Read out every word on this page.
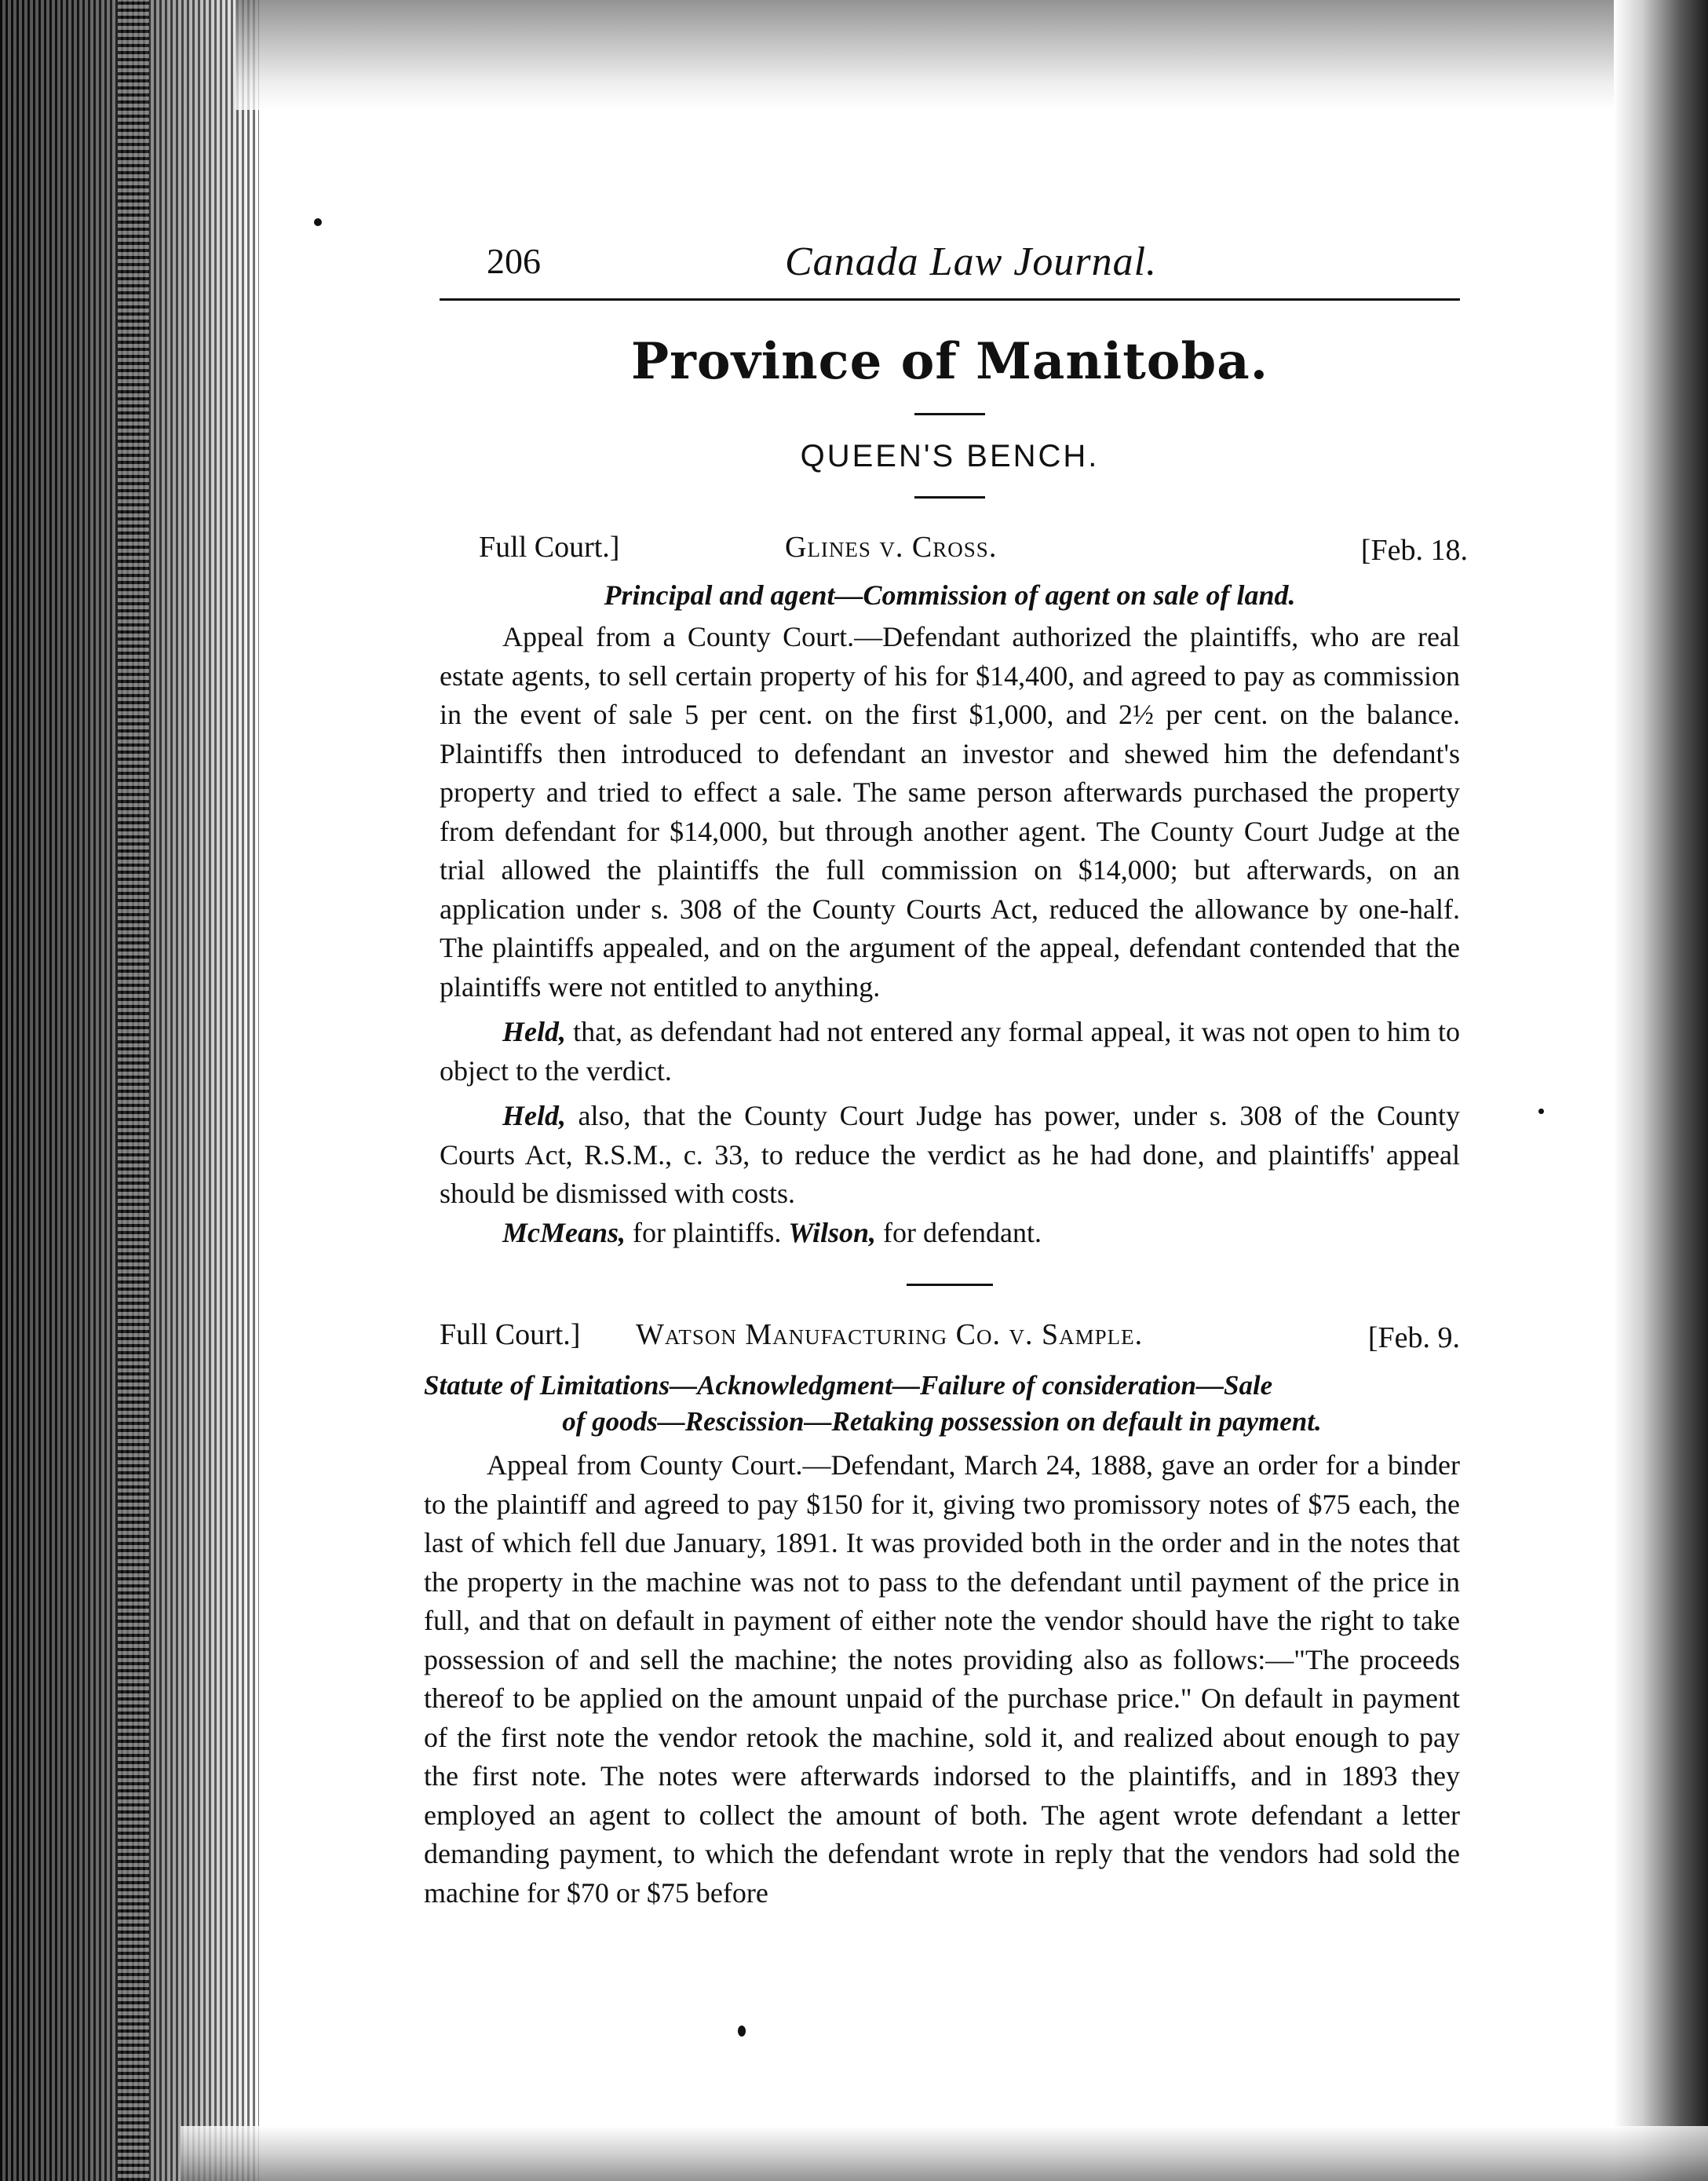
206	Canada Law Journal.
Province of Manitoba.
QUEEN'S BENCH.
Full Court.]	Glines v. Cross.	[Feb. 18.
Principal and agent—Commission of agent on sale of land.

Appeal from a County Court.—Defendant authorized the plaintiffs, who are real estate agents, to sell certain property of his for $14,400, and agreed to pay as commission in the event of sale 5 per cent. on the first $1,000, and 2½ per cent. on the balance. Plaintiffs then introduced to defendant an investor and shewed him the defendant's property and tried to effect a sale. The same person afterwards purchased the property from defendant for $14,000, but through another agent. The County Court Judge at the trial allowed the plaintiffs the full commission on $14,000; but afterwards, on an application under s. 308 of the County Courts Act, reduced the allowance by one-half. The plaintiffs appealed, and on the argument of the appeal, defendant contended that the plaintiffs were not entitled to anything.

Held, that, as defendant had not entered any formal appeal, it was not open to him to object to the verdict.

Held, also, that the County Court Judge has power, under s. 308 of the County Courts Act, R.S.M., c. 33, to reduce the verdict as he had done, and plaintiffs' appeal should be dismissed with costs.

McMeans, for plaintiffs. Wilson, for defendant.

Full Court.] Watson Manufacturing Co. v. Sample.	[Feb. 9.
Statute of Limitations—Acknowledgment—Failure of consideration—Sale
of goods—Rescission—Retaking possession on default in payment.

Appeal from County Court.—Defendant, March 24, 1888, gave an order for a binder to the plaintiff and agreed to pay $150 for it, giving two promissory notes of $75 each, the last of which fell due January, 1891. It was provided both in the order and in the notes that the property in the machine was not to pass to the defendant until payment of the price in full, and that on default in payment of either note the vendor should have the right to take possession of and sell the machine; the notes providing also as follows:—"The proceeds thereof to be applied on the amount unpaid of the purchase price." On default in payment of the first note the vendor retook the machine, sold it, and realized about enough to pay the first note. The notes were afterwards indorsed to the plaintiffs, and in 1893 they employed an agent to collect the amount of both. The agent wrote defendant a letter demanding payment, to which the defendant wrote in reply that the vendors had sold the machine for $70 or $75 before
